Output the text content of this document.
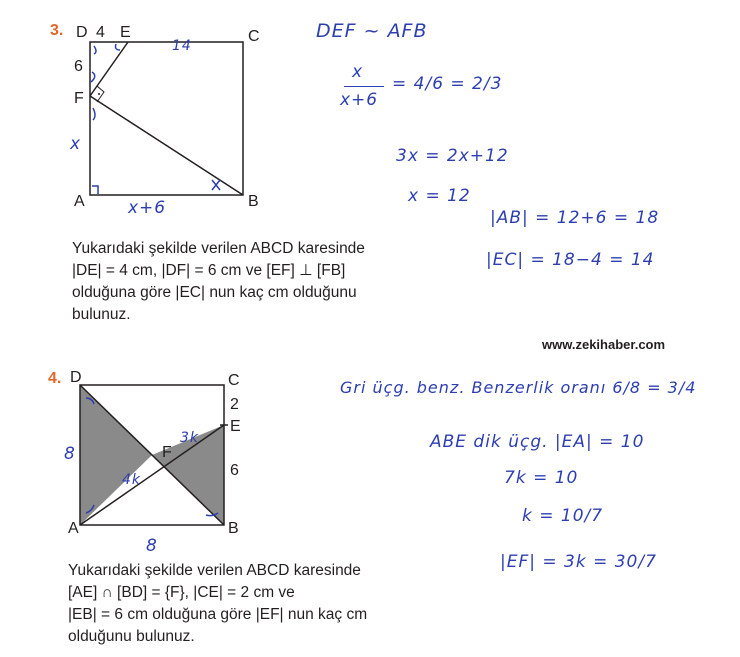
3. D 4 E	C
6
F
A	B
14
x
x+6
DEF ~ AFB
x
x+6
= 4/6 = 2/3
3x = 2x+12
x = 12
|AB| = 12+6 = 18
|EC| = 18−4 = 14
Yukarıdaki şekilde verilen ABCD karesinde
|DE| = 4 cm, |DF| = 6 cm ve [EF] ⊥ [FB]
olduğuna göre |EC| nun kaç cm olduğunu
bulunuz.
www.zekihaber.com
4. D	C
2
E
F
6
A	B
8
8
3k
4k
Gri üçg. benz. Benzerlik oranı 6/8 = 3/4
ABE dik üçg. |EA| = 10
7k = 10
k = 10/7
|EF| = 3k = 30/7
Yukarıdaki şekilde verilen ABCD karesinde
[AE] ∩ [BD] = {F}, |CE| = 2 cm ve
|EB| = 6 cm olduğuna göre |EF| nun kaç cm
olduğunu bulunuz.
